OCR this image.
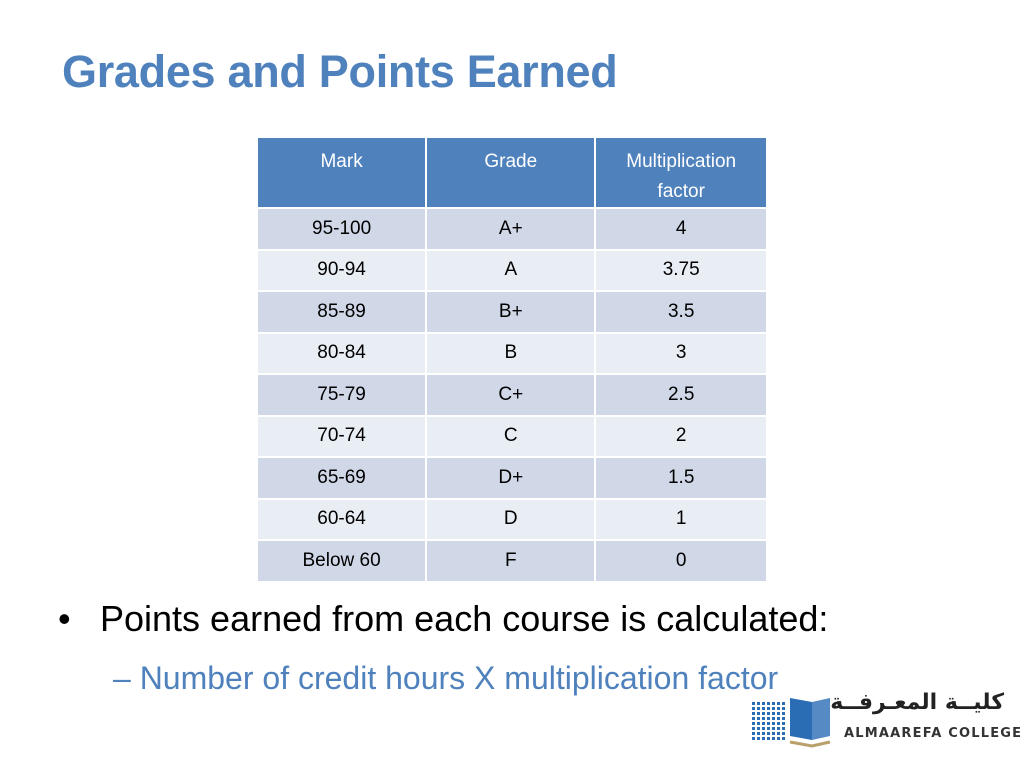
Grades and Points Earned
Mark	Grade	Multiplication factor
95-100	A+	4
90-94	A	3.75
85-89	B+	3.5
80-84	B	3
75-79	C+	2.5
70-74	C	2
65-69	D+	1.5
60-64	D	1
Below 60	F	0
• Points earned from each course is calculated:
– Number of credit hours X multiplication factor
كليــة المعـرفــة
ALMAAREFA COLLEGE
